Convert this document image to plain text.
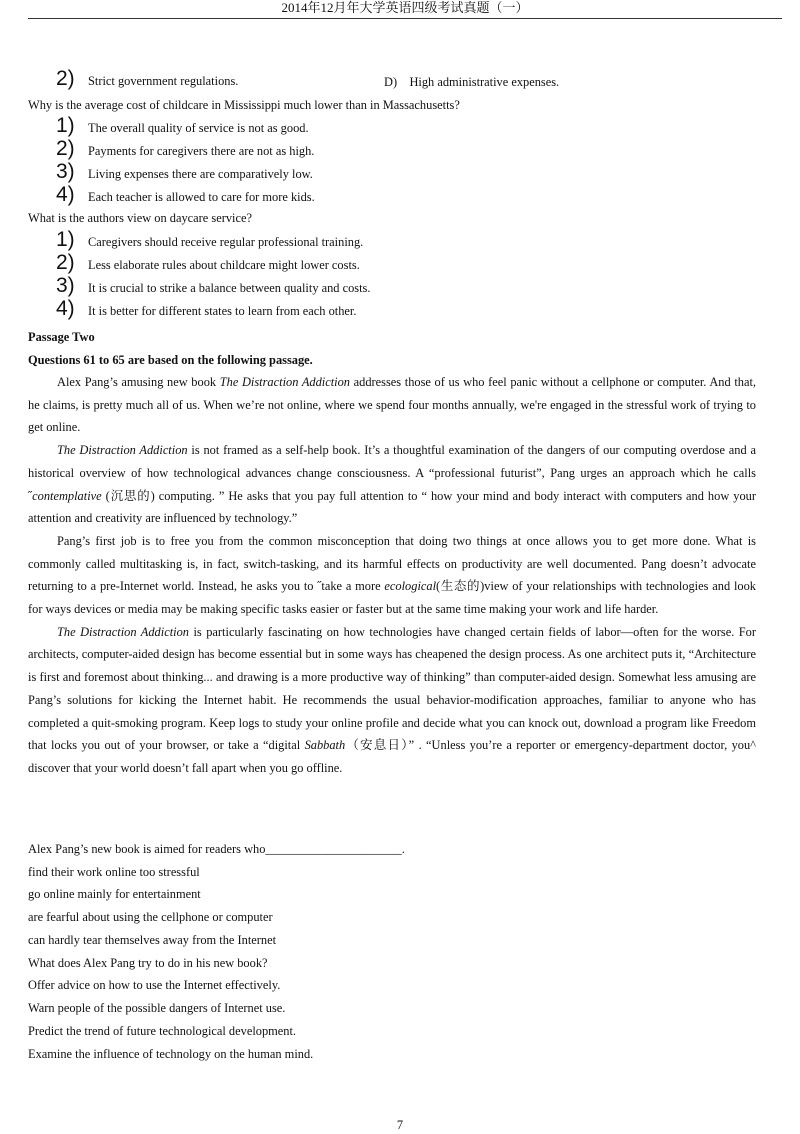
2014年12月年大学英语四级考试真题（一）
2) Strict government regulations.	D) High administrative expenses.
Why is the average cost of childcare in Mississippi much lower than in Massachusetts?
1) The overall quality of service is not as good.
2) Payments for caregivers there are not as high.
3) Living expenses there are comparatively low.
4) Each teacher is allowed to care for more kids.
What is the authors view on daycare service?
1) Caregivers should receive regular professional training.
2) Less elaborate rules about childcare might lower costs.
3) It is crucial to strike a balance between quality and costs.
4) It is better for different states to learn from each other.
Passage Two
Questions 61 to 65 are based on the following passage.

Alex Pang’s amusing new book The Distraction Addiction addresses those of us who feel panic without a cellphone or computer. And that, he claims, is pretty much all of us. When we’re not online, where we spend four months annually, we're engaged in the stressful work of trying to get online.

The Distraction Addiction is not framed as a self-help book. It’s a thoughtful examination of the dangers of our computing overdose and a historical overview of how technological advances change consciousness. A “professional futurist”, Pang urges an approach which he calls ˝contemplative (沉思的) computing. ” He asks that you pay full attention to “ how your mind and body interact with computers and how your attention and creativity are influenced by technology.”

Pang’s first job is to free you from the common misconception that doing two things at once allows you to get more done. What is commonly called multitasking is, in fact, switch-tasking, and its harmful effects on productivity are well documented. Pang doesn’t advocate returning to a pre-Internet world. Instead, he asks you to ˝take a more ecological(生态的)view of your relationships with technologies and look for ways devices or media may be making specific tasks easier or faster but at the same time making your work and life harder.

The Distraction Addiction is particularly fascinating on how technologies have changed certain fields of labor—often for the worse. For architects, computer-aided design has become essential but in some ways has cheapened the design process. As one architect puts it, “Architecture is first and foremost about thinking... and drawing is a more productive way of thinking” than computer-aided design. Somewhat less amusing are Pang’s solutions for kicking the Internet habit. He recommends the usual behavior-modification approaches, familiar to anyone who has completed a quit-smoking program. Keep logs to study your online profile and decide what you can knock out, download a program like Freedom that locks you out of your browser, or take a “digital Sabbath（安息日）” . “Unless you’re a reporter or emergency-department doctor, you^ discover that your world doesn’t fall apart when you go offline.

Alex Pang’s new book is aimed for readers who______________________.
find their work online too stressful
go online mainly for entertainment
are fearful about using the cellphone or computer
can hardly tear themselves away from the Internet
What does Alex Pang try to do in his new book?
Offer advice on how to use the Internet effectively.
Warn people of the possible dangers of Internet use.
Predict the trend of future technological development.
Examine the influence of technology on the human mind.
7
